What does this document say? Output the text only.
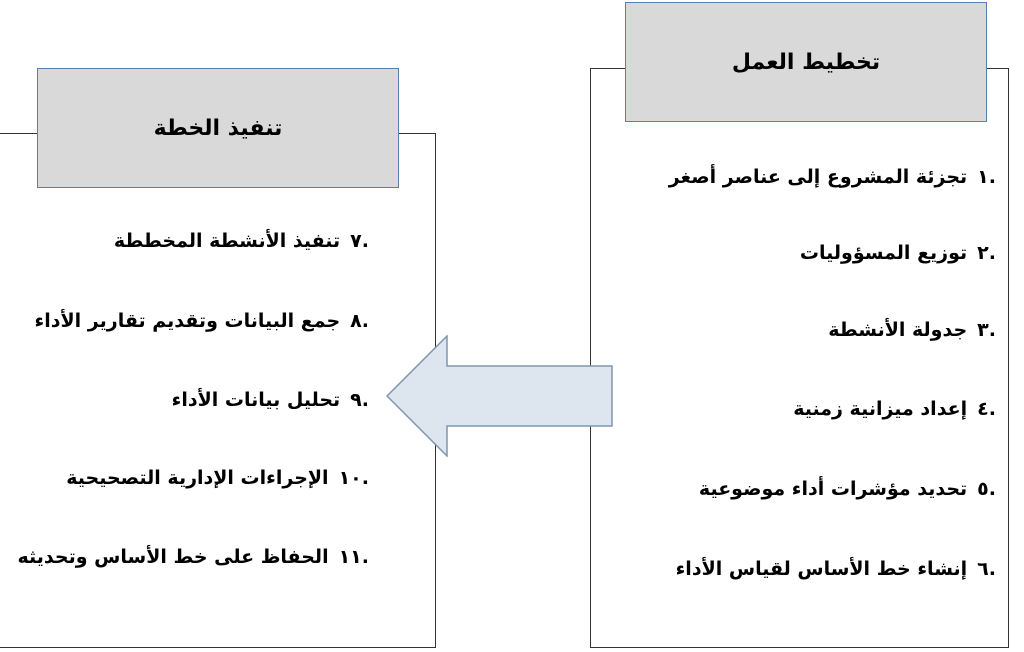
تخطيط العمل
.١تجزئة المشروع إلى عناصر أصغر
.٢توزيع المسؤوليات
.٣جدولة الأنشطة
.٤إعداد ميزانية زمنية
.٥تحديد مؤشرات أداء موضوعية
.٦إنشاء خط الأساس لقياس الأداء
تنفيذ الخطة
.٧تنفيذ الأنشطة المخططة
.٨جمع البيانات وتقديم تقارير الأداء
.٩تحليل بيانات الأداء
.١٠الإجراءات الإدارية التصحيحية
.١١الحفاظ على خط الأساس وتحديثه
